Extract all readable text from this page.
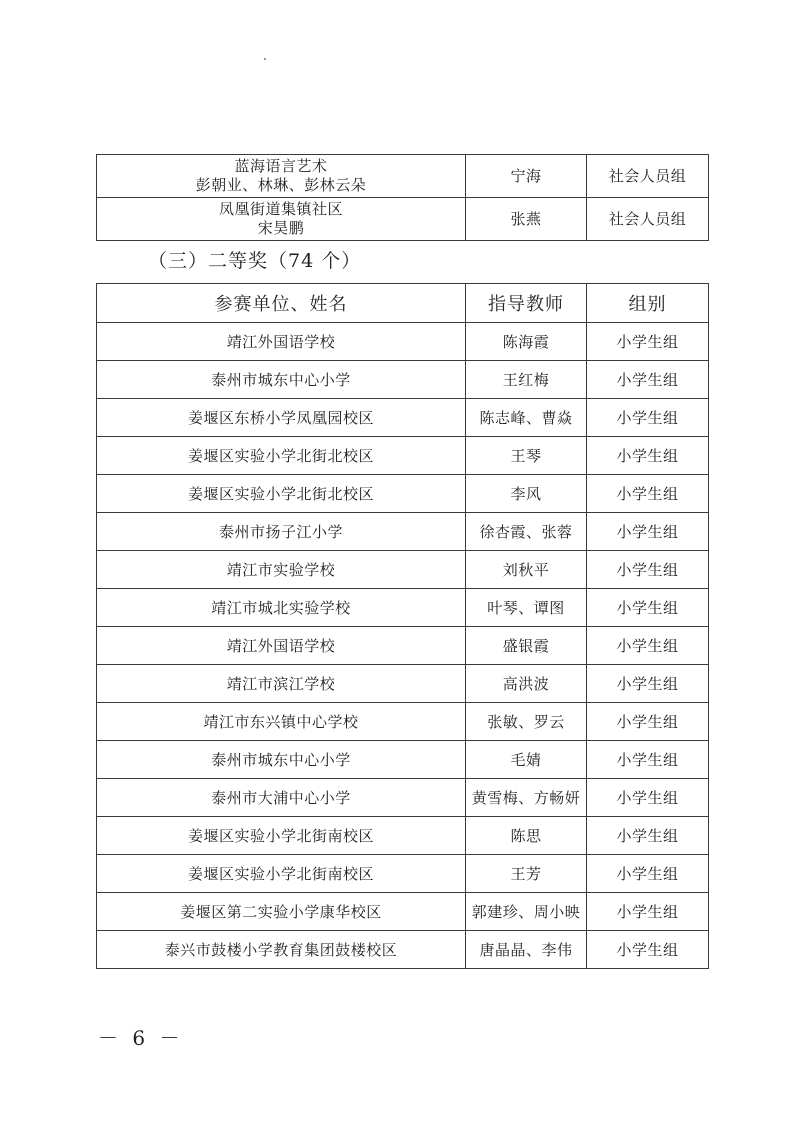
蓝海语言艺术
彭朝业、林琳、彭林云朵	宁海	社会人员组

凤凰街道集镇社区
宋昊鹏	张燕	社会人员组
（三）二等奖（74 个）
参赛单位、姓名	指导教师	组别
靖江外国语学校	陈海霞	小学生组
泰州市城东中心小学	王红梅	小学生组
姜堰区东桥小学凤凰园校区	陈志峰、曹焱	小学生组
姜堰区实验小学北街北校区	王琴	小学生组
姜堰区实验小学北街北校区	李风	小学生组
泰州市扬子江小学	徐杏霞、张蓉	小学生组
靖江市实验学校	刘秋平	小学生组
靖江市城北实验学校	叶琴、谭图	小学生组
靖江外国语学校	盛银霞	小学生组
靖江市滨江学校	高洪波	小学生组
靖江市东兴镇中心学校	张敏、罗云	小学生组
泰州市城东中心小学	毛婧	小学生组
泰州市大浦中心小学	黄雪梅、方畅妍	小学生组
姜堰区实验小学北街南校区	陈思	小学生组
姜堰区实验小学北街南校区	王芳	小学生组
姜堰区第二实验小学康华校区	郭建珍、周小映	小学生组
泰兴市鼓楼小学教育集团鼓楼校区	唐晶晶、李伟	小学生组
－ 6 －
